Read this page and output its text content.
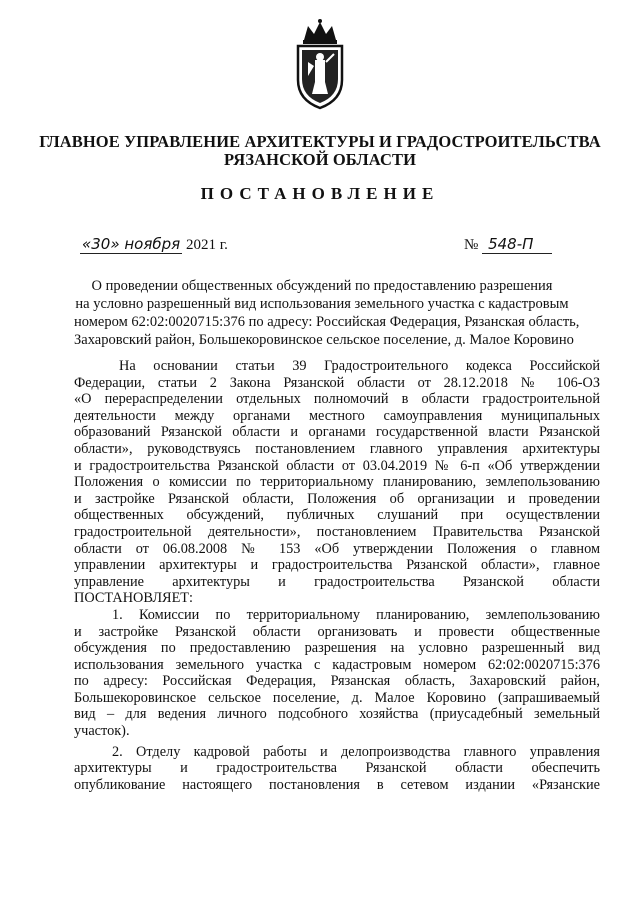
ГЛАВНОЕ УПРАВЛЕНИЕ АРХИТЕКТУРЫ И ГРАДОСТРОИТЕЛЬСТВА
РЯЗАНСКОЙ ОБЛАСТИ
ПОСТАНОВЛЕНИЕ
«30» ноября 2021 г.	№ 548-П
О проведении общественных обсуждений по предоставлению разрешения
на условно разрешенный вид использования земельного участка с кадастровым
номером 62:02:0020715:376 по адресу: Российская Федерация, Рязанская область,
Захаровский район, Большекоровинское сельское поселение, д. Малое Коровино
На основании статьи 39 Градостроительного кодекса Российской
Федерации, статьи 2 Закона Рязанской области от 28.12.2018 № 106-ОЗ
«О перераспределении отдельных полномочий в области градостроительной
деятельности между органами местного самоуправления муниципальных
образований Рязанской области и органами государственной власти Рязанской
области», руководствуясь постановлением главного управления архитектуры
и градостроительства Рязанской области от 03.04.2019 № 6-п «Об утверждении
Положения о комиссии по территориальному планированию, землепользованию
и застройке Рязанской области, Положения об организации и проведении
общественных обсуждений, публичных слушаний при осуществлении
градостроительной деятельности», постановлением Правительства Рязанской
области от 06.08.2008 № 153 «Об утверждении Положения о главном
управлении архитектуры и градостроительства Рязанской области», главное
управление архитектуры и градостроительства Рязанской области
ПОСТАНОВЛЯЕТ:
1. Комиссии по территориальному планированию, землепользованию
и застройке Рязанской области организовать и провести общественные
обсуждения по предоставлению разрешения на условно разрешенный вид
использования земельного участка с кадастровым номером 62:02:0020715:376
по адресу: Российская Федерация, Рязанская область, Захаровский район,
Большекоровинское сельское поселение, д. Малое Коровино (запрашиваемый
вид – для ведения личного подсобного хозяйства (приусадебный земельный
участок).
2. Отделу кадровой работы и делопроизводства главного управления
архитектуры и градостроительства Рязанской области обеспечить
опубликование настоящего постановления в сетевом издании «Рязанские
